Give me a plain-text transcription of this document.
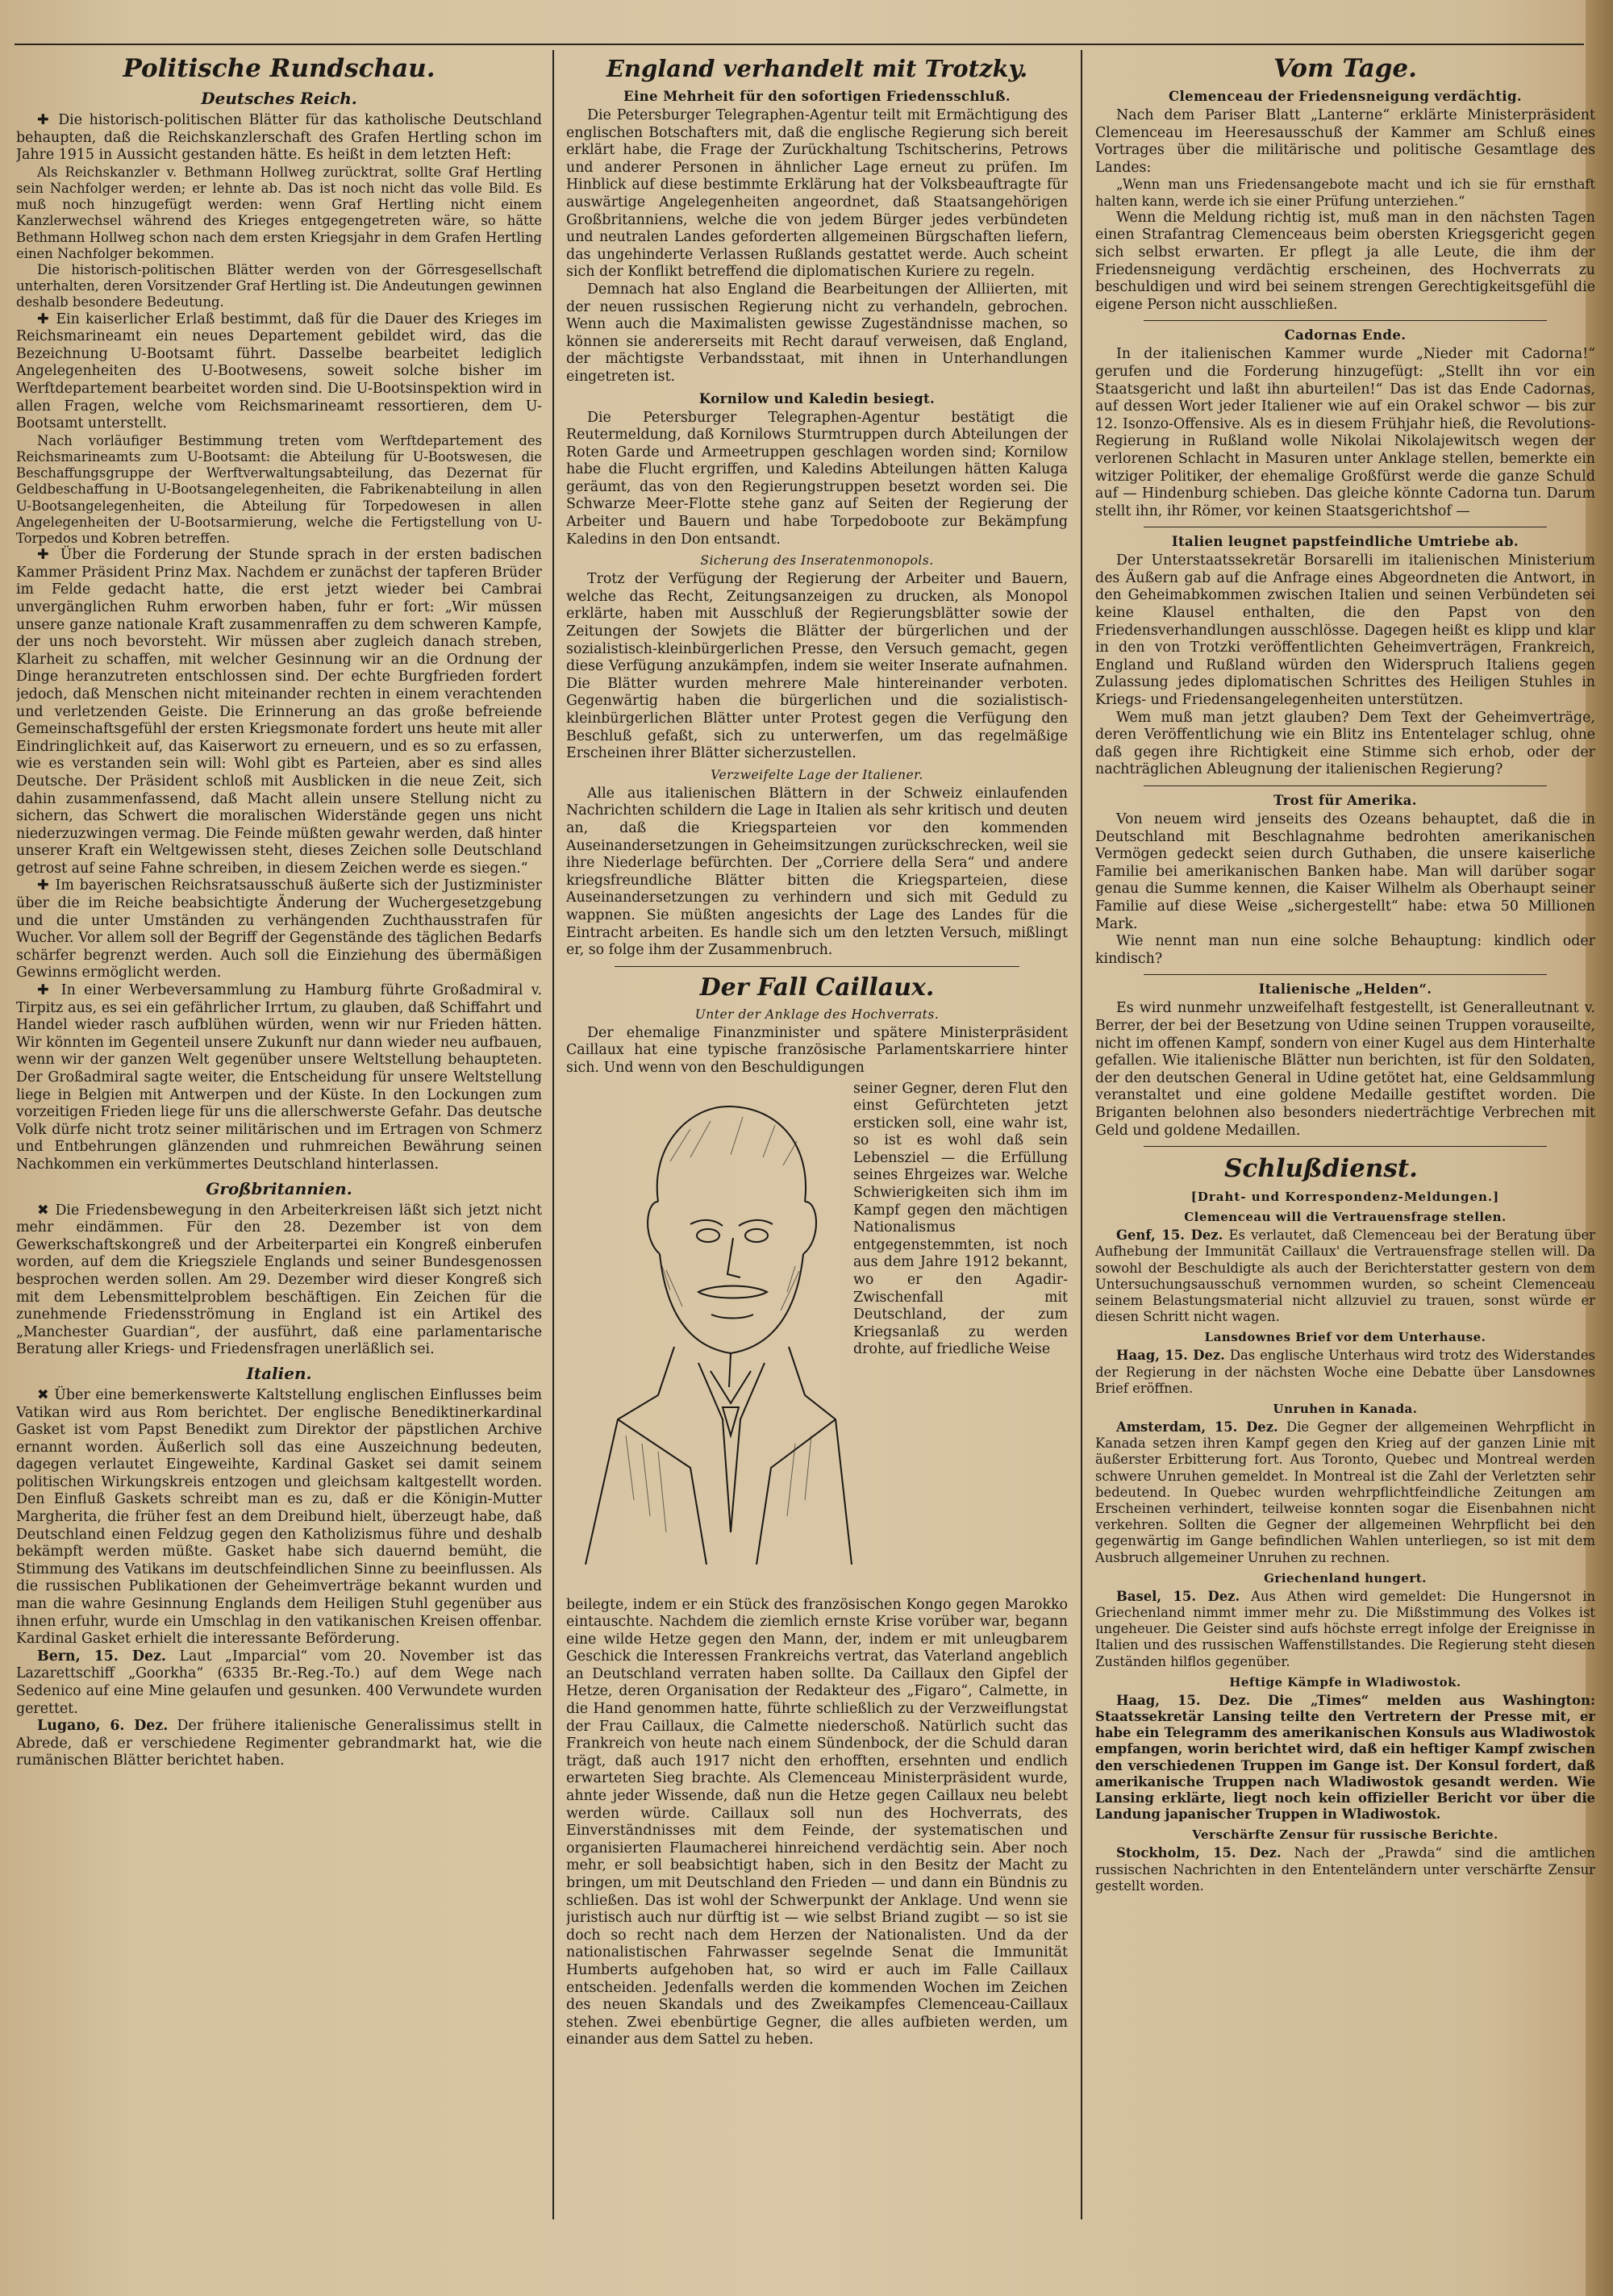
Politische Rundschau.
Deutsches Reich.

✚ Die historisch-politischen Blätter für das katholische Deutschland behaupten, daß die Reichskanzlerschaft des Grafen Hertling schon im Jahre 1915 in Aussicht gestanden hätte. Es heißt in dem letzten Heft:

Als Reichskanzler v. Bethmann Hollweg zurücktrat, sollte Graf Hertling sein Nachfolger werden; er lehnte ab. Das ist noch nicht das volle Bild. Es muß noch hinzugefügt werden: wenn Graf Hertling nicht einem Kanzlerwechsel während des Krieges entgegengetreten wäre, so hätte Bethmann Hollweg schon nach dem ersten Kriegsjahr in dem Grafen Hertling einen Nachfolger bekommen.

Die historisch-politischen Blätter werden von der Görresgesellschaft unterhalten, deren Vorsitzender Graf Hertling ist. Die Andeutungen gewinnen deshalb besondere Bedeutung.

✚ Ein kaiserlicher Erlaß bestimmt, daß für die Dauer des Krieges im Reichsmarineamt ein neues Departement gebildet wird, das die Bezeichnung U-Bootsamt führt. Dasselbe bearbeitet lediglich Angelegenheiten des U-Bootwesens, soweit solche bisher im Werftdepartement bearbeitet worden sind. Die U-Bootsinspektion wird in allen Fragen, welche vom Reichsmarineamt ressortieren, dem U-Bootsamt unterstellt.

Nach vorläufiger Bestimmung treten vom Werftdepartement des Reichsmarineamts zum U-Bootsamt: die Abteilung für U-Bootswesen, die Beschaffungsgruppe der Werftverwaltungsabteilung, das Dezernat für Geldbeschaffung in U-Bootsangelegenheiten, die Fabrikenabteilung in allen U-Bootsangelegenheiten, die Abteilung für Torpedowesen in allen Angelegenheiten der U-Bootsarmierung, welche die Fertigstellung von U-Torpedos und Kobren betreffen.

✚ Über die Forderung der Stunde sprach in der ersten badischen Kammer Präsident Prinz Max. Nachdem er zunächst der tapferen Brüder im Felde gedacht hatte, die erst jetzt wieder bei Cambrai unvergänglichen Ruhm erworben haben, fuhr er fort: „Wir müssen unsere ganze nationale Kraft zusammenraffen zu dem schweren Kampfe, der uns noch bevorsteht. Wir müssen aber zugleich danach streben, Klarheit zu schaffen, mit welcher Gesinnung wir an die Ordnung der Dinge heranzutreten entschlossen sind. Der echte Burgfrieden fordert jedoch, daß Menschen nicht miteinander rechten in einem verachtenden und verletzenden Geiste. Die Erinnerung an das große befreiende Gemeinschaftsgefühl der ersten Kriegsmonate fordert uns heute mit aller Eindringlichkeit auf, das Kaiserwort zu erneuern, und es so zu erfassen, wie es verstanden sein will: Wohl gibt es Parteien, aber es sind alles Deutsche. Der Präsident schloß mit Ausblicken in die neue Zeit, sich dahin zusammenfassend, daß Macht allein unsere Stellung nicht zu sichern, das Schwert die moralischen Widerstände gegen uns nicht niederzuzwingen vermag. Die Feinde müßten gewahr werden, daß hinter unserer Kraft ein Weltgewissen steht, dieses Zeichen solle Deutschland getrost auf seine Fahne schreiben, in diesem Zeichen werde es siegen.“

✚ Im bayerischen Reichsratsausschuß äußerte sich der Justizminister über die im Reiche beabsichtigte Änderung der Wuchergesetzgebung und die unter Umständen zu verhängenden Zuchthausstrafen für Wucher. Vor allem soll der Begriff der Gegenstände des täglichen Bedarfs schärfer begrenzt werden. Auch soll die Einziehung des übermäßigen Gewinns ermöglicht werden.

✚ In einer Werbeversammlung zu Hamburg führte Großadmiral v. Tirpitz aus, es sei ein gefährlicher Irrtum, zu glauben, daß Schiffahrt und Handel wieder rasch aufblühen würden, wenn wir nur Frieden hätten. Wir könnten im Gegenteil unsere Zukunft nur dann wieder neu aufbauen, wenn wir der ganzen Welt gegenüber unsere Weltstellung behaupteten. Der Großadmiral sagte weiter, die Entscheidung für unsere Weltstellung liege in Belgien mit Antwerpen und der Küste. In den Lockungen zum vorzeitigen Frieden liege für uns die allerschwerste Gefahr. Das deutsche Volk dürfe nicht trotz seiner militärischen und im Ertragen von Schmerz und Entbehrungen glänzenden und ruhmreichen Bewährung seinen Nachkommen ein verkümmertes Deutschland hinterlassen.

Großbritannien.

✖ Die Friedensbewegung in den Arbeiterkreisen läßt sich jetzt nicht mehr eindämmen. Für den 28. Dezember ist von dem Gewerkschaftskongreß und der Arbeiterpartei ein Kongreß einberufen worden, auf dem die Kriegsziele Englands und seiner Bundesgenossen besprochen werden sollen. Am 29. Dezember wird dieser Kongreß sich mit dem Lebensmittelproblem beschäftigen. Ein Zeichen für die zunehmende Friedensströmung in England ist ein Artikel des „Manchester Guardian“, der ausführt, daß eine parlamentarische Beratung aller Kriegs- und Friedensfragen unerläßlich sei.

Italien.

✖ Über eine bemerkenswerte Kaltstellung englischen Einflusses beim Vatikan wird aus Rom berichtet. Der englische Benediktinerkardinal Gasket ist vom Papst Benedikt zum Direktor der päpstlichen Archive ernannt worden. Äußerlich soll das eine Auszeichnung bedeuten, dagegen verlautet Eingeweihte, Kardinal Gasket sei damit seinem politischen Wirkungskreis entzogen und gleichsam kaltgestellt worden. Den Einfluß Gaskets schreibt man es zu, daß er die Königin-Mutter Margherita, die früher fest an dem Dreibund hielt, überzeugt habe, daß Deutschland einen Feldzug gegen den Katholizismus führe und deshalb bekämpft werden müßte. Gasket habe sich dauernd bemüht, die Stimmung des Vatikans im deutschfeindlichen Sinne zu beeinflussen. Als die russischen Publikationen der Geheimverträge bekannt wurden und man die wahre Gesinnung Englands dem Heiligen Stuhl gegenüber aus ihnen erfuhr, wurde ein Umschlag in den vatikanischen Kreisen offenbar. Kardinal Gasket erhielt die interessante Beförderung.

Bern, 15. Dez. Laut „Imparcial“ vom 20. November ist das Lazarettschiff „Goorkha“ (6335 Br.-Reg.-To.) auf dem Wege nach Sedenico auf eine Mine gelaufen und gesunken. 400 Verwundete wurden gerettet.

Lugano, 6. Dez. Der frühere italienische Generalissimus stellt in Abrede, daß er verschiedene Regimenter gebrandmarkt hat, wie die rumänischen Blätter berichtet haben.

England verhandelt mit Trotzky.
Eine Mehrheit für den sofortigen Friedensschluß.

Die Petersburger Telegraphen-Agentur teilt mit Ermächtigung des englischen Botschafters mit, daß die englische Regierung sich bereit erklärt habe, die Frage der Zurückhaltung Tschitscherins, Petrows und anderer Personen in ähnlicher Lage erneut zu prüfen. Im Hinblick auf diese bestimmte Erklärung hat der Volksbeauftragte für auswärtige Angelegenheiten angeordnet, daß Staatsangehörigen Großbritanniens, welche die von jedem Bürger jedes verbündeten und neutralen Landes geforderten allgemeinen Bürgschaften liefern, das ungehinderte Verlassen Rußlands gestattet werde. Auch scheint sich der Konflikt betreffend die diplomatischen Kuriere zu regeln.

Demnach hat also England die Bearbeitungen der Alliierten, mit der neuen russischen Regierung nicht zu verhandeln, gebrochen. Wenn auch die Maximalisten gewisse Zugeständnisse machen, so können sie andererseits mit Recht darauf verweisen, daß England, der mächtigste Verbandsstaat, mit ihnen in Unterhandlungen eingetreten ist.

Kornilow und Kaledin besiegt.

Die Petersburger Telegraphen-Agentur bestätigt die Reutermeldung, daß Kornilows Sturmtruppen durch Abteilungen der Roten Garde und Armeetruppen geschlagen worden sind; Kornilow habe die Flucht ergriffen, und Kaledins Abteilungen hätten Kaluga geräumt, das von den Regierungstruppen besetzt worden sei. Die Schwarze Meer-Flotte stehe ganz auf Seiten der Regierung der Arbeiter und Bauern und habe Torpedoboote zur Bekämpfung Kaledins in den Don entsandt.

Sicherung des Inseratenmonopols.

Trotz der Verfügung der Regierung der Arbeiter und Bauern, welche das Recht, Zeitungsanzeigen zu drucken, als Monopol erklärte, haben mit Ausschluß der Regierungsblätter sowie der Zeitungen der Sowjets die Blätter der bürgerlichen und der sozialistisch-kleinbürgerlichen Presse, den Versuch gemacht, gegen diese Verfügung anzukämpfen, indem sie weiter Inserate aufnahmen. Die Blätter wurden mehrere Male hintereinander verboten. Gegenwärtig haben die bürgerlichen und die sozialistisch-kleinbürgerlichen Blätter unter Protest gegen die Verfügung den Beschluß gefaßt, sich zu unterwerfen, um das regelmäßige Erscheinen ihrer Blätter sicherzustellen.

Verzweifelte Lage der Italiener.

Alle aus italienischen Blättern in der Schweiz einlaufenden Nachrichten schildern die Lage in Italien als sehr kritisch und deuten an, daß die Kriegsparteien vor den kommenden Auseinandersetzungen in Geheimsitzungen zurückschrecken, weil sie ihre Niederlage befürchten. Der „Corriere della Sera“ und andere kriegsfreundliche Blätter bitten die Kriegsparteien, diese Auseinandersetzungen zu verhindern und sich mit Geduld zu wappnen. Sie müßten angesichts der Lage des Landes für die Eintracht arbeiten. Es handle sich um den letzten Versuch, mißlingt er, so folge ihm der Zusammenbruch.

Der Fall Caillaux.
Unter der Anklage des Hochverrats.

Der ehemalige Finanzminister und spätere Ministerpräsident Caillaux hat eine typische französische Parlamentskarriere hinter sich. Und wenn von den Beschuldigungen

seiner Gegner, deren Flut den einst Gefürchteten jetzt ersticken soll, eine wahr ist, so ist es wohl daß sein Lebensziel — die Erfüllung seines Ehrgeizes war. Welche Schwierigkeiten sich ihm im Kampf gegen den mächtigen Nationalismus entgegenstemmten, ist noch aus dem Jahre 1912 bekannt, wo er den Agadir-Zwischenfall mit Deutschland, der zum Kriegsanlaß zu werden drohte, auf friedliche Weise

beilegte, indem er ein Stück des französischen Kongo gegen Marokko eintauschte. Nachdem die ziemlich ernste Krise vorüber war, begann eine wilde Hetze gegen den Mann, der, indem er mit unleugbarem Geschick die Interessen Frankreichs vertrat, das Vaterland angeblich an Deutschland verraten haben sollte. Da Caillaux den Gipfel der Hetze, deren Organisation der Redakteur des „Figaro“, Calmette, in die Hand genommen hatte, führte schließlich zu der Verzweiflungstat der Frau Caillaux, die Calmette niederschoß. Natürlich sucht das Frankreich von heute nach einem Sündenbock, der die Schuld daran trägt, daß auch 1917 nicht den erhofften, ersehnten und endlich erwarteten Sieg brachte. Als Clemenceau Ministerpräsident wurde, ahnte jeder Wissende, daß nun die Hetze gegen Caillaux neu belebt werden würde. Caillaux soll nun des Hochverrats, des Einverständnisses mit dem Feinde, der systematischen und organisierten Flaumacherei hinreichend verdächtig sein. Aber noch mehr, er soll beabsichtigt haben, sich in den Besitz der Macht zu bringen, um mit Deutschland den Frieden — und dann ein Bündnis zu schließen. Das ist wohl der Schwerpunkt der Anklage. Und wenn sie juristisch auch nur dürftig ist — wie selbst Briand zugibt — so ist sie doch so recht nach dem Herzen der Nationalisten. Und da der nationalistischen Fahrwasser segelnde Senat die Immunität Humberts aufgehoben hat, so wird er auch im Falle Caillaux entscheiden. Jedenfalls werden die kommenden Wochen im Zeichen des neuen Skandals und des Zweikampfes Clemenceau-Caillaux stehen. Zwei ebenbürtige Gegner, die alles aufbieten werden, um einander aus dem Sattel zu heben.

Vom Tage.
Clemenceau der Friedensneigung verdächtig.

Nach dem Pariser Blatt „Lanterne“ erklärte Ministerpräsident Clemenceau im Heeresausschuß der Kammer am Schluß eines Vortrages über die militärische und politische Gesamtlage des Landes:

„Wenn man uns Friedensangebote macht und ich sie für ernsthaft halten kann, werde ich sie einer Prüfung unterziehen.“

Wenn die Meldung richtig ist, muß man in den nächsten Tagen einen Strafantrag Clemenceaus beim obersten Kriegsgericht gegen sich selbst erwarten. Er pflegt ja alle Leute, die ihm der Friedensneigung verdächtig erscheinen, des Hochverrats zu beschuldigen und wird bei seinem strengen Gerechtigkeitsgefühl die eigene Person nicht ausschließen.

Cadornas Ende.

In der italienischen Kammer wurde „Nieder mit Cadorna!“ gerufen und die Forderung hinzugefügt: „Stellt ihn vor ein Staatsgericht und laßt ihn aburteilen!“ Das ist das Ende Cadornas, auf dessen Wort jeder Italiener wie auf ein Orakel schwor — bis zur 12. Isonzo-Offensive. Als es in diesem Frühjahr hieß, die Revolutions-Regierung in Rußland wolle Nikolai Nikolajewitsch wegen der verlorenen Schlacht in Masuren unter Anklage stellen, bemerkte ein witziger Politiker, der ehemalige Großfürst werde die ganze Schuld auf — Hindenburg schieben. Das gleiche könnte Cadorna tun. Darum stellt ihn, ihr Römer, vor keinen Staatsgerichtshof —

Italien leugnet papstfeindliche Umtriebe ab.

Der Unterstaatssekretär Borsarelli im italienischen Ministerium des Äußern gab auf die Anfrage eines Abgeordneten die Antwort, in den Geheimabkommen zwischen Italien und seinen Verbündeten sei keine Klausel enthalten, die den Papst von den Friedensverhandlungen ausschlösse. Dagegen heißt es klipp und klar in den von Trotzki veröffentlichten Geheimverträgen, Frankreich, England und Rußland würden den Widerspruch Italiens gegen Zulassung jedes diplomatischen Schrittes des Heiligen Stuhles in Kriegs- und Friedensangelegenheiten unterstützen.

Wem muß man jetzt glauben? Dem Text der Geheimverträge, deren Veröffentlichung wie ein Blitz ins Ententelager schlug, ohne daß gegen ihre Richtigkeit eine Stimme sich erhob, oder der nachträglichen Ableugnung der italienischen Regierung?

Trost für Amerika.

Von neuem wird jenseits des Ozeans behauptet, daß die in Deutschland mit Beschlagnahme bedrohten amerikanischen Vermögen gedeckt seien durch Guthaben, die unsere kaiserliche Familie bei amerikanischen Banken habe. Man will darüber sogar genau die Summe kennen, die Kaiser Wilhelm als Oberhaupt seiner Familie auf diese Weise „sichergestellt“ habe: etwa 50 Millionen Mark.

Wie nennt man nun eine solche Behauptung: kindlich oder kindisch?

Italienische „Helden“.

Es wird nunmehr unzweifelhaft festgestellt, ist Generalleutnant v. Berrer, der bei der Besetzung von Udine seinen Truppen vorauseilte, nicht im offenen Kampf, sondern von einer Kugel aus dem Hinterhalte gefallen. Wie italienische Blätter nun berichten, ist für den Soldaten, der den deutschen General in Udine getötet hat, eine Geldsammlung veranstaltet und eine goldene Medaille gestiftet worden. Die Briganten belohnen also besonders niederträchtige Verbrechen mit Geld und goldene Medaillen.

Schlußdienst.
[Draht- und Korrespondenz-Meldungen.]
Clemenceau will die Vertrauensfrage stellen.

Genf, 15. Dez. Es verlautet, daß Clemenceau bei der Beratung über Aufhebung der Immunität Caillaux' die Vertrauensfrage stellen will. Da sowohl der Beschuldigte als auch der Berichterstatter gestern von dem Untersuchungsausschuß vernommen wurden, so scheint Clemenceau seinem Belastungsmaterial nicht allzuviel zu trauen, sonst würde er diesen Schritt nicht wagen.

Lansdownes Brief vor dem Unterhause.

Haag, 15. Dez. Das englische Unterhaus wird trotz des Widerstandes der Regierung in der nächsten Woche eine Debatte über Lansdownes Brief eröffnen.

Unruhen in Kanada.

Amsterdam, 15. Dez. Die Gegner der allgemeinen Wehrpflicht in Kanada setzen ihren Kampf gegen den Krieg auf der ganzen Linie mit äußerster Erbitterung fort. Aus Toronto, Quebec und Montreal werden schwere Unruhen gemeldet. In Montreal ist die Zahl der Verletzten sehr bedeutend. In Quebec wurden wehrpflichtfeindliche Zeitungen am Erscheinen verhindert, teilweise konnten sogar die Eisenbahnen nicht verkehren. Sollten die Gegner der allgemeinen Wehrpflicht bei den gegenwärtig im Gange befindlichen Wahlen unterliegen, so ist mit dem Ausbruch allgemeiner Unruhen zu rechnen.

Griechenland hungert.

Basel, 15. Dez. Aus Athen wird gemeldet: Die Hungersnot in Griechenland nimmt immer mehr zu. Die Mißstimmung des Volkes ist ungeheuer. Die Geister sind aufs höchste erregt infolge der Ereignisse in Italien und des russischen Waffenstillstandes. Die Regierung steht diesen Zuständen hilflos gegenüber.

Heftige Kämpfe in Wladiwostok.

Haag, 15. Dez. Die „Times“ melden aus Washington: Staatssekretär Lansing teilte den Vertretern der Presse mit, er habe ein Telegramm des amerikanischen Konsuls aus Wladiwostok empfangen, worin berichtet wird, daß ein heftiger Kampf zwischen den verschiedenen Truppen im Gange ist. Der Konsul fordert, daß amerikanische Truppen nach Wladiwostok gesandt werden. Wie Lansing erklärte, liegt noch kein offizieller Bericht vor über die Landung japanischer Truppen in Wladiwostok.

Verschärfte Zensur für russische Berichte.

Stockholm, 15. Dez. Nach der „Prawda“ sind die amtlichen russischen Nachrichten in den Ententeländern unter verschärfte Zensur gestellt worden.
